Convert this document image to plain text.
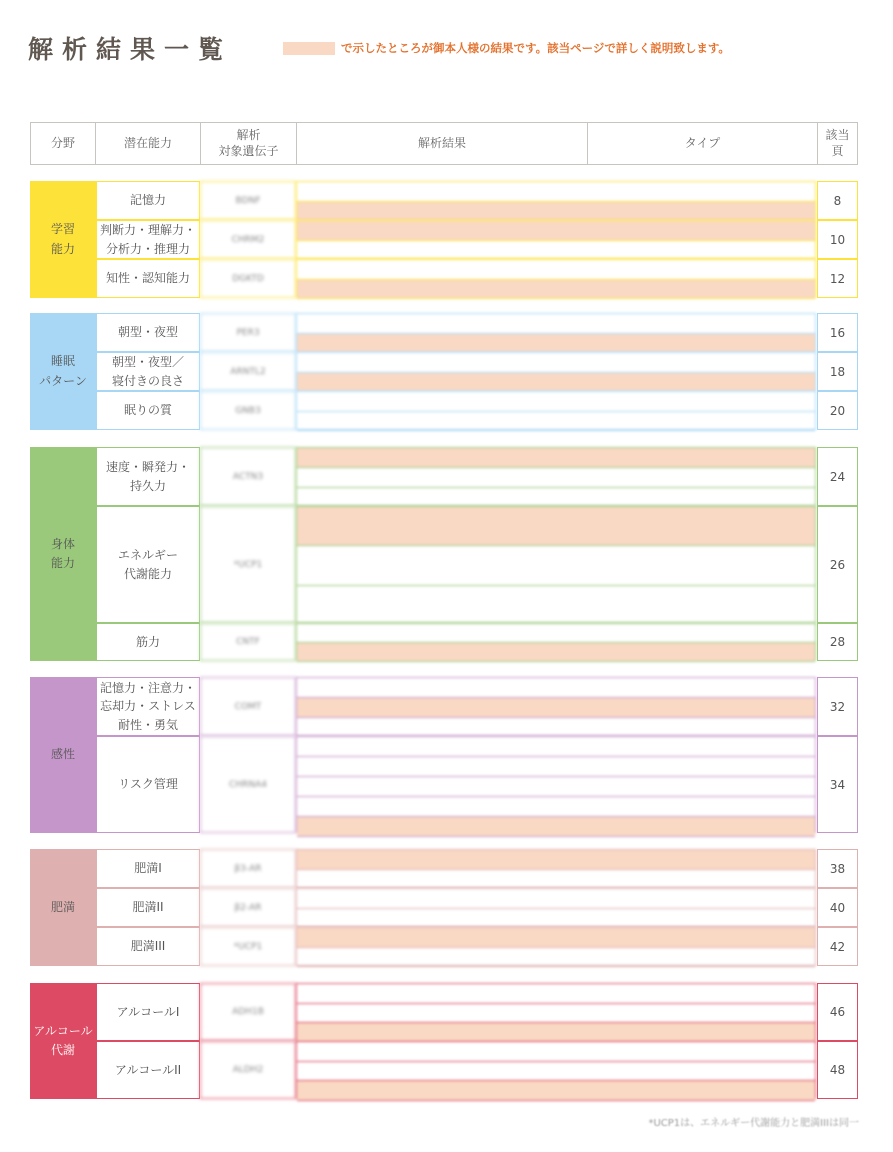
解析結果一覧	で示したところが御本人様の結果です。該当ページで詳しく説明致します。
分野	潜在能力
解析
対象遺伝子
解析結果	タイプ
該当
頁
学習
能力
記憶力	BDNF	8
判断力・理解力・
分析力・推理力
CHRM2	10
知性・認知能力	DGKTD	12
睡眠
パターン
朝型・夜型	PER3	16
朝型・夜型／
寝付きの良さ
ARNTL2	18
眠りの質	GNB3	20
身体
能力
速度・瞬発力・
持久力
ACTN3	24
エネルギー
代謝能力
*UCP1	26
筋力	CNTF	28
感性
記憶力・注意力・
忘却力・ストレス
耐性・勇気
COMT	32
リスク管理	CHRNA4	34
肥満
肥満I	β3-AR	38
肥満II	β2-AR	40
肥満III	*UCP1	42
アルコール
代謝
アルコールI	ADH1B	46
アルコールII	ALDH2	48
*UCP1は、エネルギー代謝能力と肥満IIIは同一
